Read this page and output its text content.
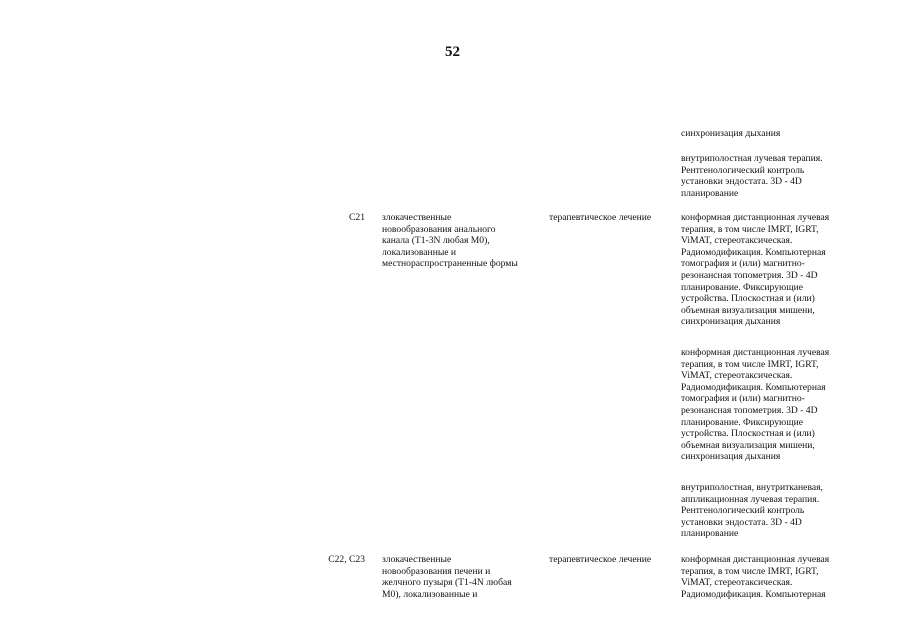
52
синхронизация дыхания
внутриполостная лучевая терапия.
Рентгенологический контроль
установки эндостата. 3D - 4D
планирование
C21 злокачественные
новообразования анального
канала (T1-3N любая M0),
локализованные и
местнораспространенные формы
терапевтическое лечение	конформная дистанционная лучевая
терапия, в том числе IMRT, IGRT,
ViMAT, стереотаксическая.
Радиомодификация. Компьютерная
томография и (или) магнитно-
резонансная топометрия. 3D - 4D
планирование. Фиксирующие
устройства. Плоскостная и (или)
объемная визуализация мишени,
синхронизация дыхания
конформная дистанционная лучевая
терапия, в том числе IMRT, IGRT,
ViMAT, стереотаксическая.
Радиомодификация. Компьютерная
томография и (или) магнитно-
резонансная топометрия. 3D - 4D
планирование. Фиксирующие
устройства. Плоскостная и (или)
объемная визуализация мишени,
синхронизация дыхания
внутриполостная, внутритканевая,
аппликационная лучевая терапия.
Рентгенологический контроль
установки эндостата. 3D - 4D
планирование
C22, C23 злокачественные
новообразования печени и
желчного пузыря (T1-4N любая
M0), локализованные и
терапевтическое лечение	конформная дистанционная лучевая
терапия, в том числе IMRT, IGRT,
ViMAT, стереотаксическая.
Радиомодификация. Компьютерная
